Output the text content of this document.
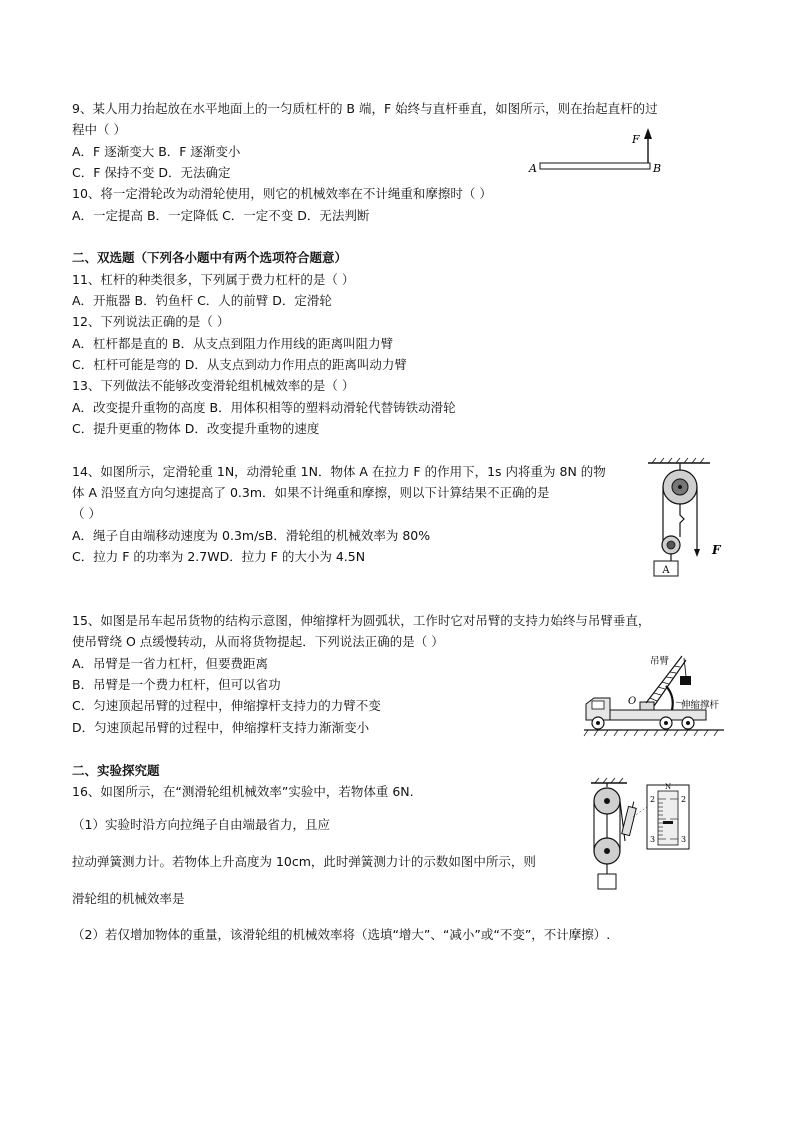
9、某人用力抬起放在水平地面上的一匀质杠杆的 B 端，F 始终与直杆垂直，如图所示，则在抬起直杆的过
程中（ ）
A．F 逐渐变大 B．F 逐渐变小
C．F 保持不变 D．无法确定
F
A	B
10、将一定滑轮改为动滑轮使用，则它的机械效率在不计绳重和摩擦时（ ）
A．一定提高 B．一定降低 C．一定不变 D．无法判断
二、双选题（下列各小题中有两个选项符合题意）
11、杠杆的种类很多，下列属于费力杠杆的是（ ）
A．开瓶器 B．钓鱼杆 C．人的前臂 D．定滑轮
12、下列说法正确的是（ ）
A．杠杆都是直的 B．从支点到阻力作用线的距离叫阻力臂
C．杠杆可能是弯的 D．从支点到动力作用点的距离叫动力臂
13、下列做法不能够改变滑轮组机械效率的是（ ）
A．改变提升重物的高度 B．用体积相等的塑料动滑轮代替铸铁动滑轮
C．提升更重的物体 D．改变提升重物的速度
14、如图所示，定滑轮重 1N，动滑轮重 1N．物体 A 在拉力 F 的作用下，1s 内将重为 8N 的物
体 A 沿竖直方向匀速提高了 0.3m．如果不计绳重和摩擦，则以下计算结果不正确的是
（ ）
A．绳子自由端移动速度为 0.3m/sB．滑轮组的机械效率为 80%
C．拉力 F 的功率为 2.7WD．拉力 F 的大小为 4.5N
A
F
15、如图是吊车起吊货物的结构示意图，伸缩撑杆为圆弧状，工作时它对吊臂的支持力始终与吊臂垂直，
使吊臂绕 O 点缓慢转动，从而将货物提起．下列说法正确的是（ ）
A．吊臂是一省力杠杆，但要费距离
B．吊臂是一个费力杠杆，但可以省功
C．匀速顶起吊臂的过程中，伸缩撑杆支持力的力臂不变
D．匀速顶起吊臂的过程中，伸缩撑杆支持力渐渐变小
吊臂
O	伸缩撑杆
二、实验探究题
16、如图所示，在“测滑轮组机械效率”实验中，若物体重 6N.
（1）实验时沿方向拉绳子自由端最省力，且应
拉动弹簧测力计。若物体上升高度为 10cm，此时弹簧测力计的示数如图中所示，则
滑轮组的机械效率是
（2）若仅增加物体的重量，该滑轮组的机械效率将（选填“增大”、“减小”或“不变”，不计摩擦）.
N
2	2
3	3
